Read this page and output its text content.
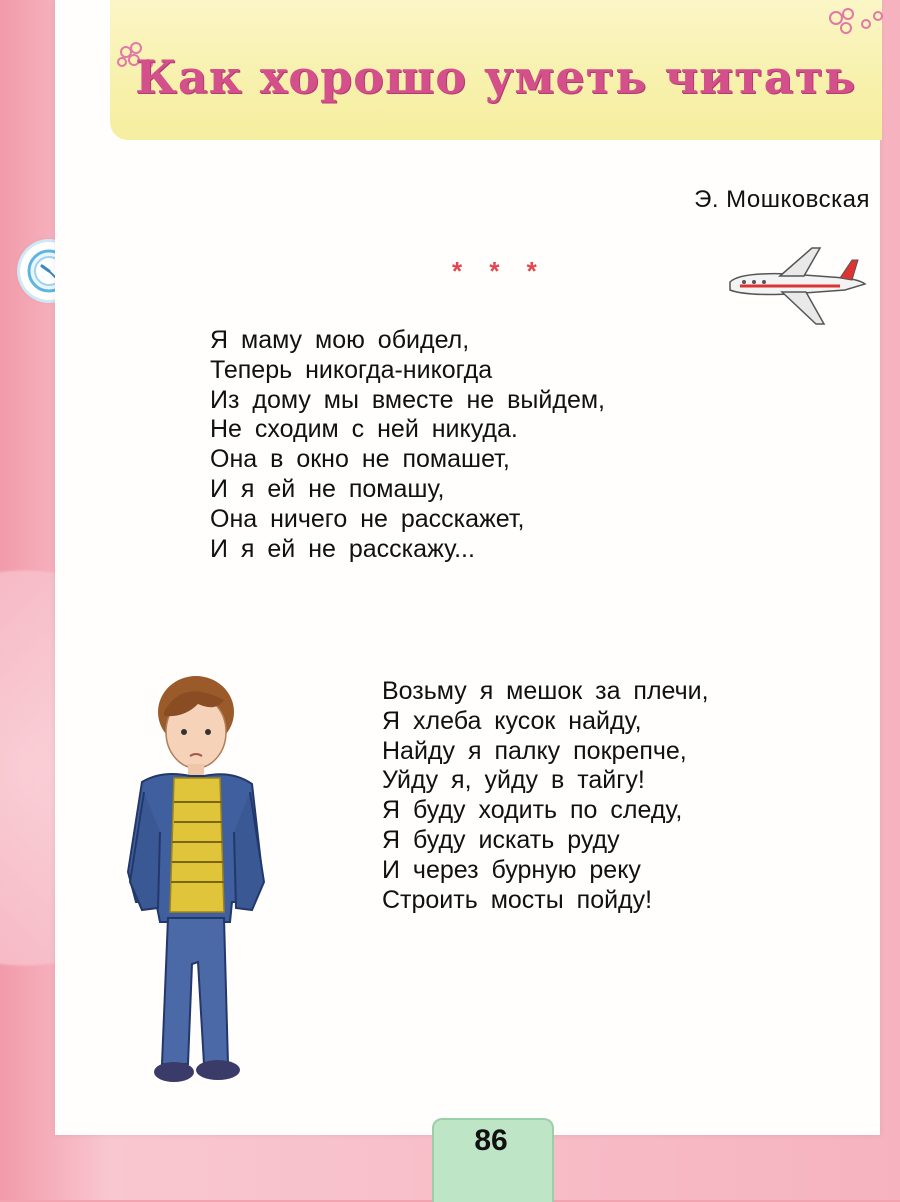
Как хорошо уметь читать
Э. Мошковская
* * *
Я маму мою обидел,
Теперь никогда-никогда
Из дому мы вместе не выйдем,
Не сходим с ней никуда.
Она в окно не помашет,
И я ей не помашу,
Она ничего не расскажет,
И я ей не расскажу...
Возьму я мешок за плечи,
Я хлеба кусок найду,
Найду я палку покрепче,
Уйду я, уйду в тайгу!
Я буду ходить по следу,
Я буду искать руду
И через бурную реку
Строить мосты пойду!
86
